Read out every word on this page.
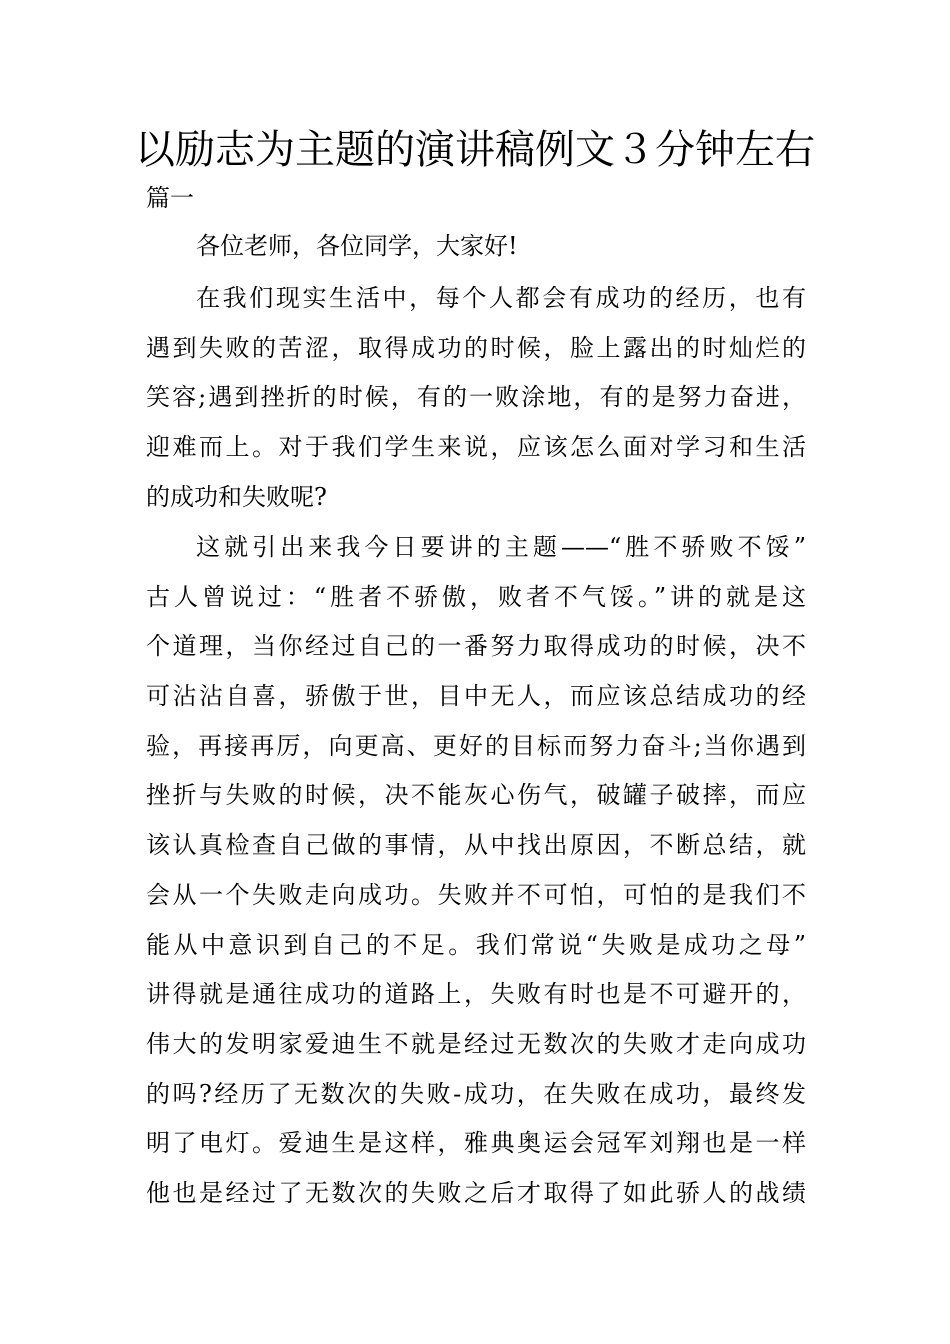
以励志为主题的演讲稿例文３分钟左右
篇一
各位老师，各位同学，大家好!
在我们现实生活中，每个人都会有成功的经历，也有
遇到失败的苦涩，取得成功的时候，脸上露出的时灿烂的
笑容;遇到挫折的时候，有的一败涂地，有的是努力奋进，
迎难而上。对于我们学生来说，应该怎么面对学习和生活
的成功和失败呢?
这就引出来我今日要讲的主题——“胜不骄败不馁”
古人曾说过：“胜者不骄傲，败者不气馁。”讲的就是这
个道理，当你经过自己的一番努力取得成功的时候，决不
可沾沾自喜，骄傲于世，目中无人，而应该总结成功的经
验，再接再厉，向更高、更好的目标而努力奋斗;当你遇到
挫折与失败的时候，决不能灰心伤气，破罐子破摔，而应
该认真检查自己做的事情，从中找出原因，不断总结，就
会从一个失败走向成功。失败并不可怕，可怕的是我们不
能从中意识到自己的不足。我们常说“失败是成功之母”
讲得就是通往成功的道路上，失败有时也是不可避开的，
伟大的发明家爱迪生不就是经过无数次的失败才走向成功
的吗?经历了无数次的失败-成功，在失败在成功，最终发
明了电灯。爱迪生是这样，雅典奥运会冠军刘翔也是一样
他也是经过了无数次的失败之后才取得了如此骄人的战绩
